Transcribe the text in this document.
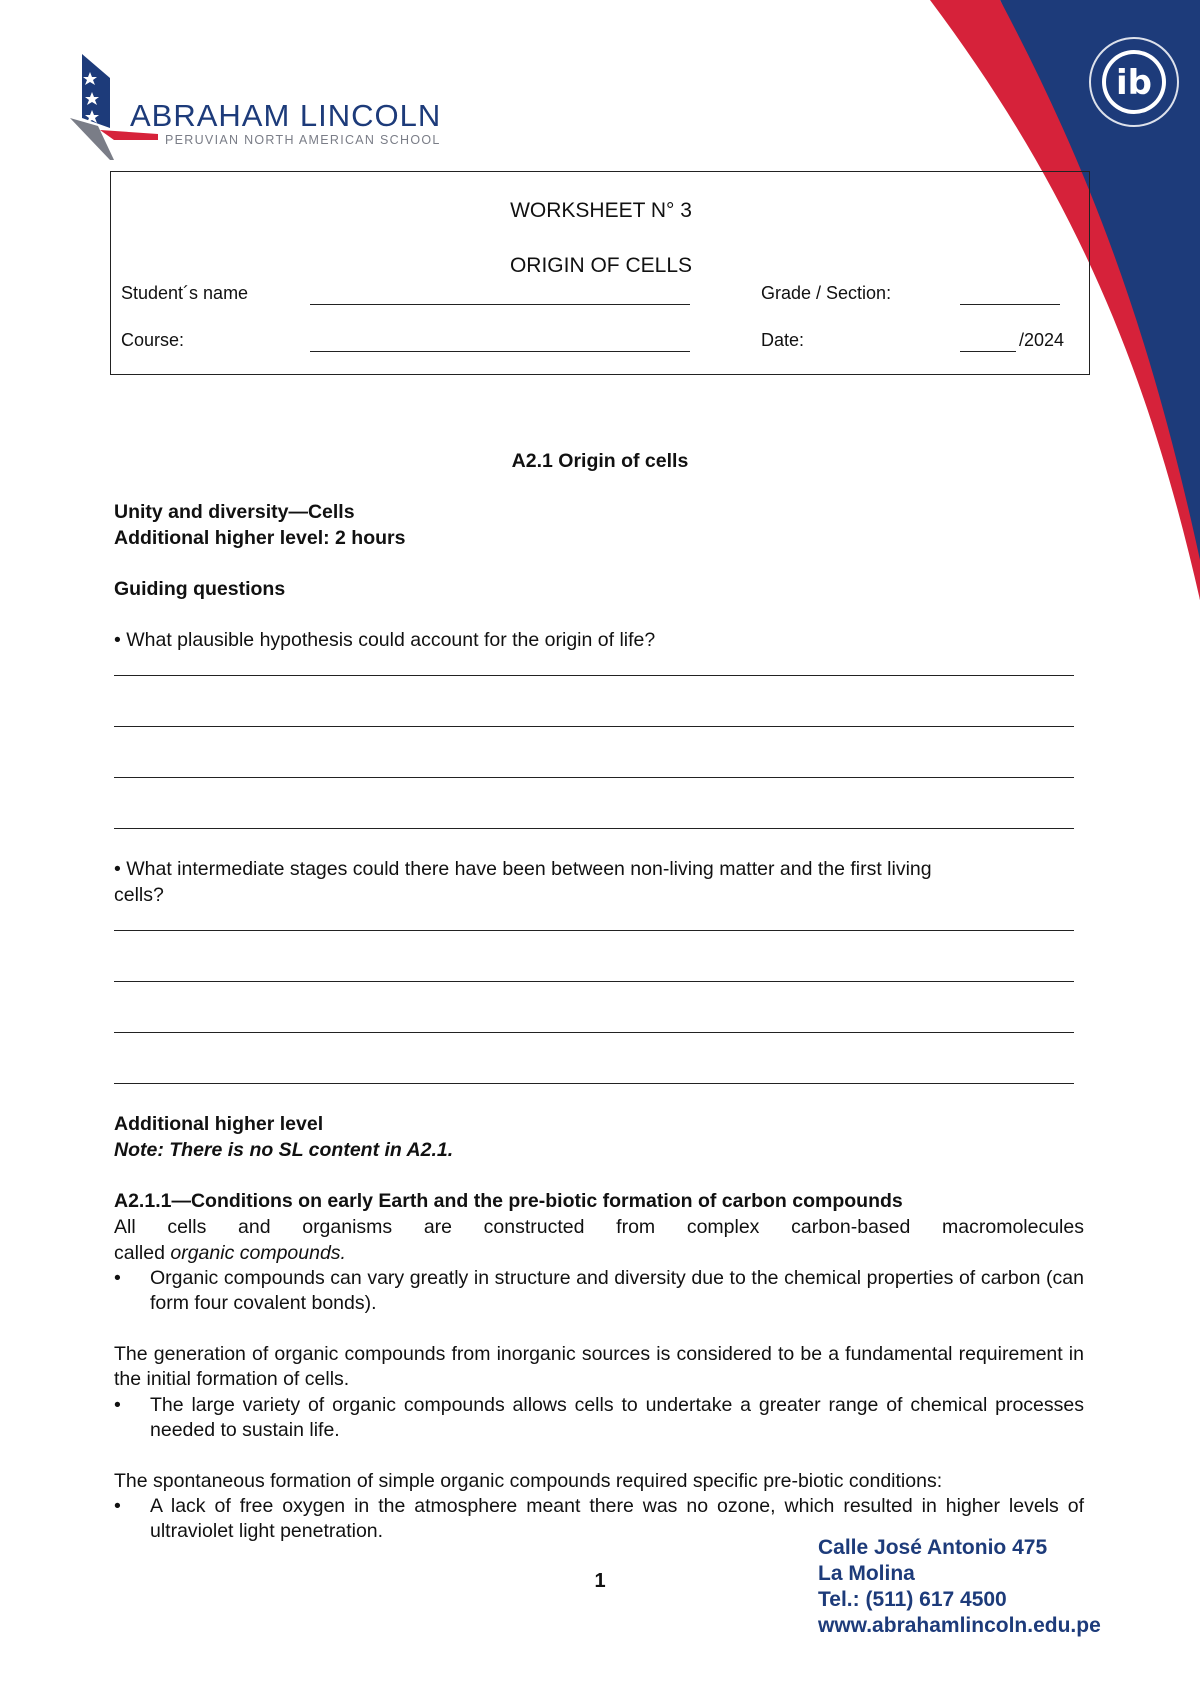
ib
ABRAHAM LINCOLN
PERUVIAN NORTH AMERICAN SCHOOL
WORKSHEET N° 3
ORIGIN OF CELLS
Student´s name	Grade / Section:
Course:	Date:	/2024
A2.1 Origin of cells
Unity and diversity—Cells
Additional higher level: 2 hours
Guiding questions
• What plausible hypothesis could account for the origin of life?
• What intermediate stages could there have been between non-living matter and the first living
cells?
Additional higher level
Note: There is no SL content in A2.1.
A2.1.1—Conditions on early Earth and the pre-biotic formation of carbon compounds
All cells and organisms are constructed from complex carbon-based macromolecules
called organic compounds.
• Organic compounds can vary greatly in structure and diversity due to the chemical properties of carbon (can form four covalent bonds).
The generation of organic compounds from inorganic sources is considered to be a fundamental requirement in the initial formation of cells.
• The large variety of organic compounds allows cells to undertake a greater range of chemical processes needed to sustain life.
The spontaneous formation of simple organic compounds required specific pre-biotic conditions:
• A lack of free oxygen in the atmosphere meant there was no ozone, which resulted in higher levels of ultraviolet light penetration.
1
Calle José Antonio 475
La Molina
Tel.: (511) 617 4500
www.abrahamlincoln.edu.pe
